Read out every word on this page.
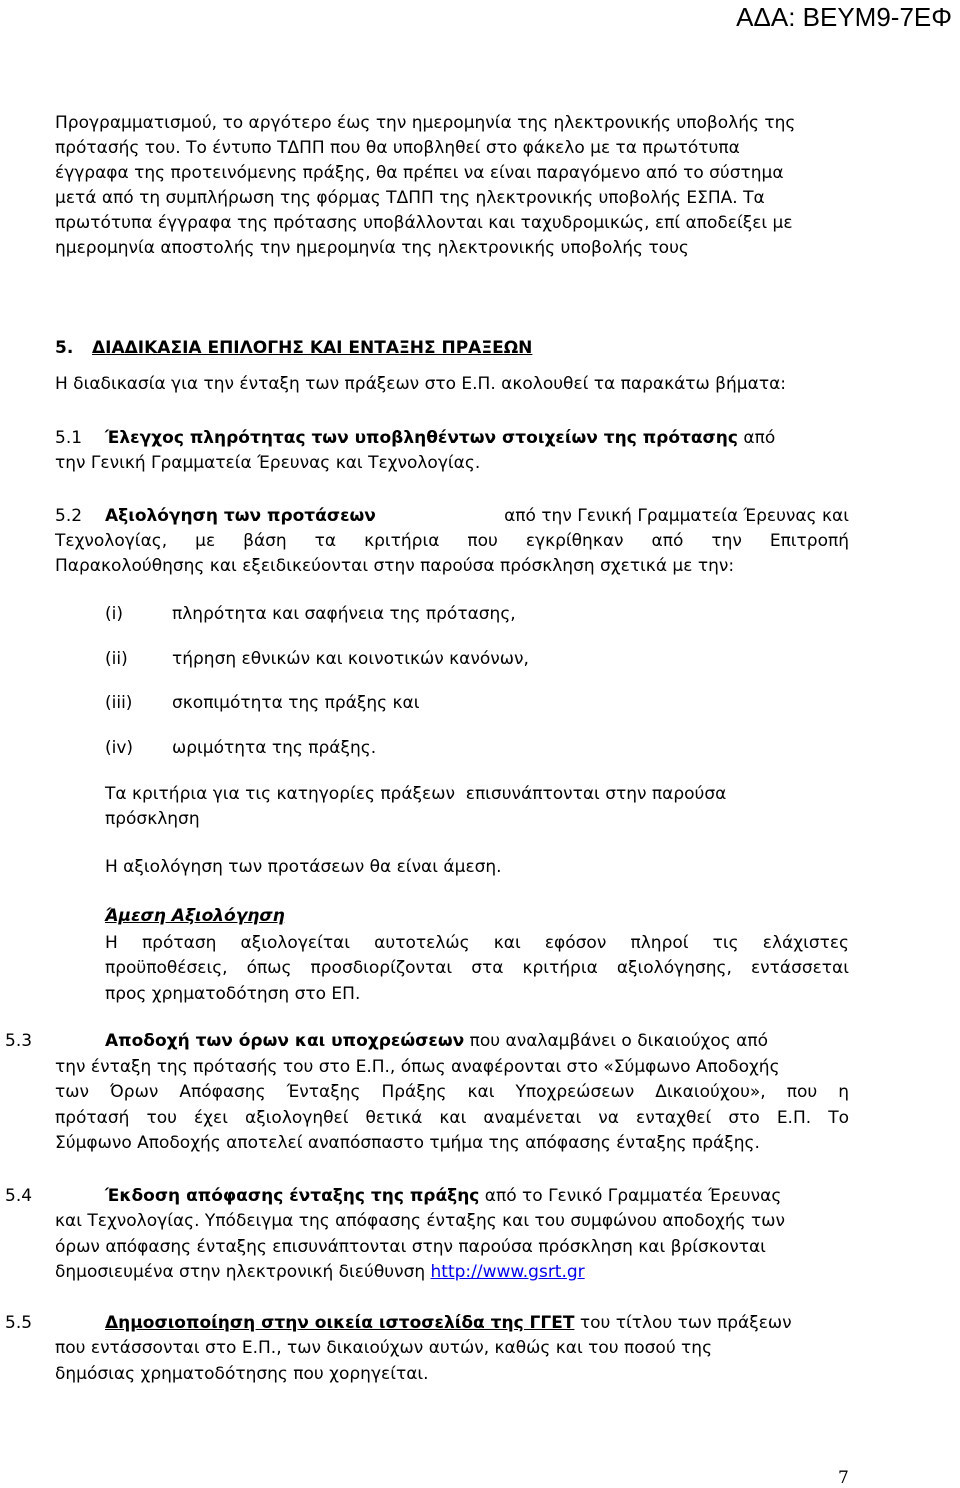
ΑΔΑ: ΒΕΥΜ9-7ΕΦ
Προγραμματισμού, το αργότερο έως την ημερομηνία της ηλεκτρονικής υποβολής της
πρότασής του. Το έντυπο ΤΔΠΠ που θα υποβληθεί στο φάκελο με τα πρωτότυπα
έγγραφα της προτεινόμενης πράξης, θα πρέπει να είναι παραγόμενο από το σύστημα
μετά από τη συμπλήρωση της φόρμας ΤΔΠΠ της ηλεκτρονικής υποβολής ΕΣΠΑ. Τα
πρωτότυπα έγγραφα της πρότασης υποβάλλονται και ταχυδρομικώς, επί αποδείξει με
ημερομηνία αποστολής την ημερομηνία της ηλεκτρονικής υποβολής τους
5. ΔΙΑΔΙΚΑΣΙΑ ΕΠΙΛΟΓΗΣ ΚΑΙ ΕΝΤΑΞΗΣ ΠΡΑΞΕΩΝ
Η διαδικασία για την ένταξη των πράξεων στο Ε.Π. ακολουθεί τα παρακάτω βήματα:
5.1 Έλεγχος πληρότητας των υποβληθέντων στοιχείων της πρότασης από
την Γενική Γραμματεία Έρευνας και Τεχνολογίας.
5.2 Αξιολόγηση των προτάσεων	από την Γενική Γραμματεία Έρευνας και
Τεχνολογίας, με βάση τα κριτήρια που εγκρίθηκαν από την Επιτροπή
Παρακολούθησης και εξειδικεύονται στην παρούσα πρόσκληση σχετικά με την:
(i)	πληρότητα και σαφήνεια της πρότασης,
(ii)	τήρηση εθνικών και κοινοτικών κανόνων,
(iii) σκοπιμότητα της πράξης και
(iv) ωριμότητα της πράξης.
Τα κριτήρια για τις κατηγορίες πράξεων  επισυνάπτονται στην παρούσα
πρόσκληση
Η αξιολόγηση των προτάσεων θα είναι άμεση.
Άμεση Αξιολόγηση
Η πρόταση αξιολογείται αυτοτελώς και εφόσον πληροί τις ελάχιστες
προϋποθέσεις, όπως προσδιορίζονται στα κριτήρια αξιολόγησης, εντάσσεται
προς χρηματοδότηση στο ΕΠ.
5.3	Αποδοχή των όρων και υποχρεώσεων που αναλαμβάνει ο δικαιούχος από
την ένταξη της πρότασής του στο Ε.Π., όπως αναφέρονται στο «Σύμφωνο Αποδοχής
των Όρων Απόφασης Ένταξης Πράξης και Υποχρεώσεων Δικαιούχου», που η
πρότασή του έχει αξιολογηθεί θετικά και αναμένεται να ενταχθεί στο Ε.Π. Το
Σύμφωνο Αποδοχής αποτελεί αναπόσπαστο τμήμα της απόφασης ένταξης πράξης.
5.4	Έκδοση απόφασης ένταξης της πράξης από το Γενικό Γραμματέα Έρευνας
και Τεχνολογίας. Υπόδειγμα της απόφασης ένταξης και του συμφώνου αποδοχής των
όρων απόφασης ένταξης επισυνάπτονται στην παρούσα πρόσκληση και βρίσκονται
δημοσιευμένα στην ηλεκτρονική διεύθυνση http://www.gsrt.gr
5.5	Δημοσιοποίηση στην οικεία ιστοσελίδα της ΓΓΕΤ του τίτλου των πράξεων
που εντάσσονται στο Ε.Π., των δικαιούχων αυτών, καθώς και του ποσού της
δημόσιας χρηματοδότησης που χορηγείται.
7
